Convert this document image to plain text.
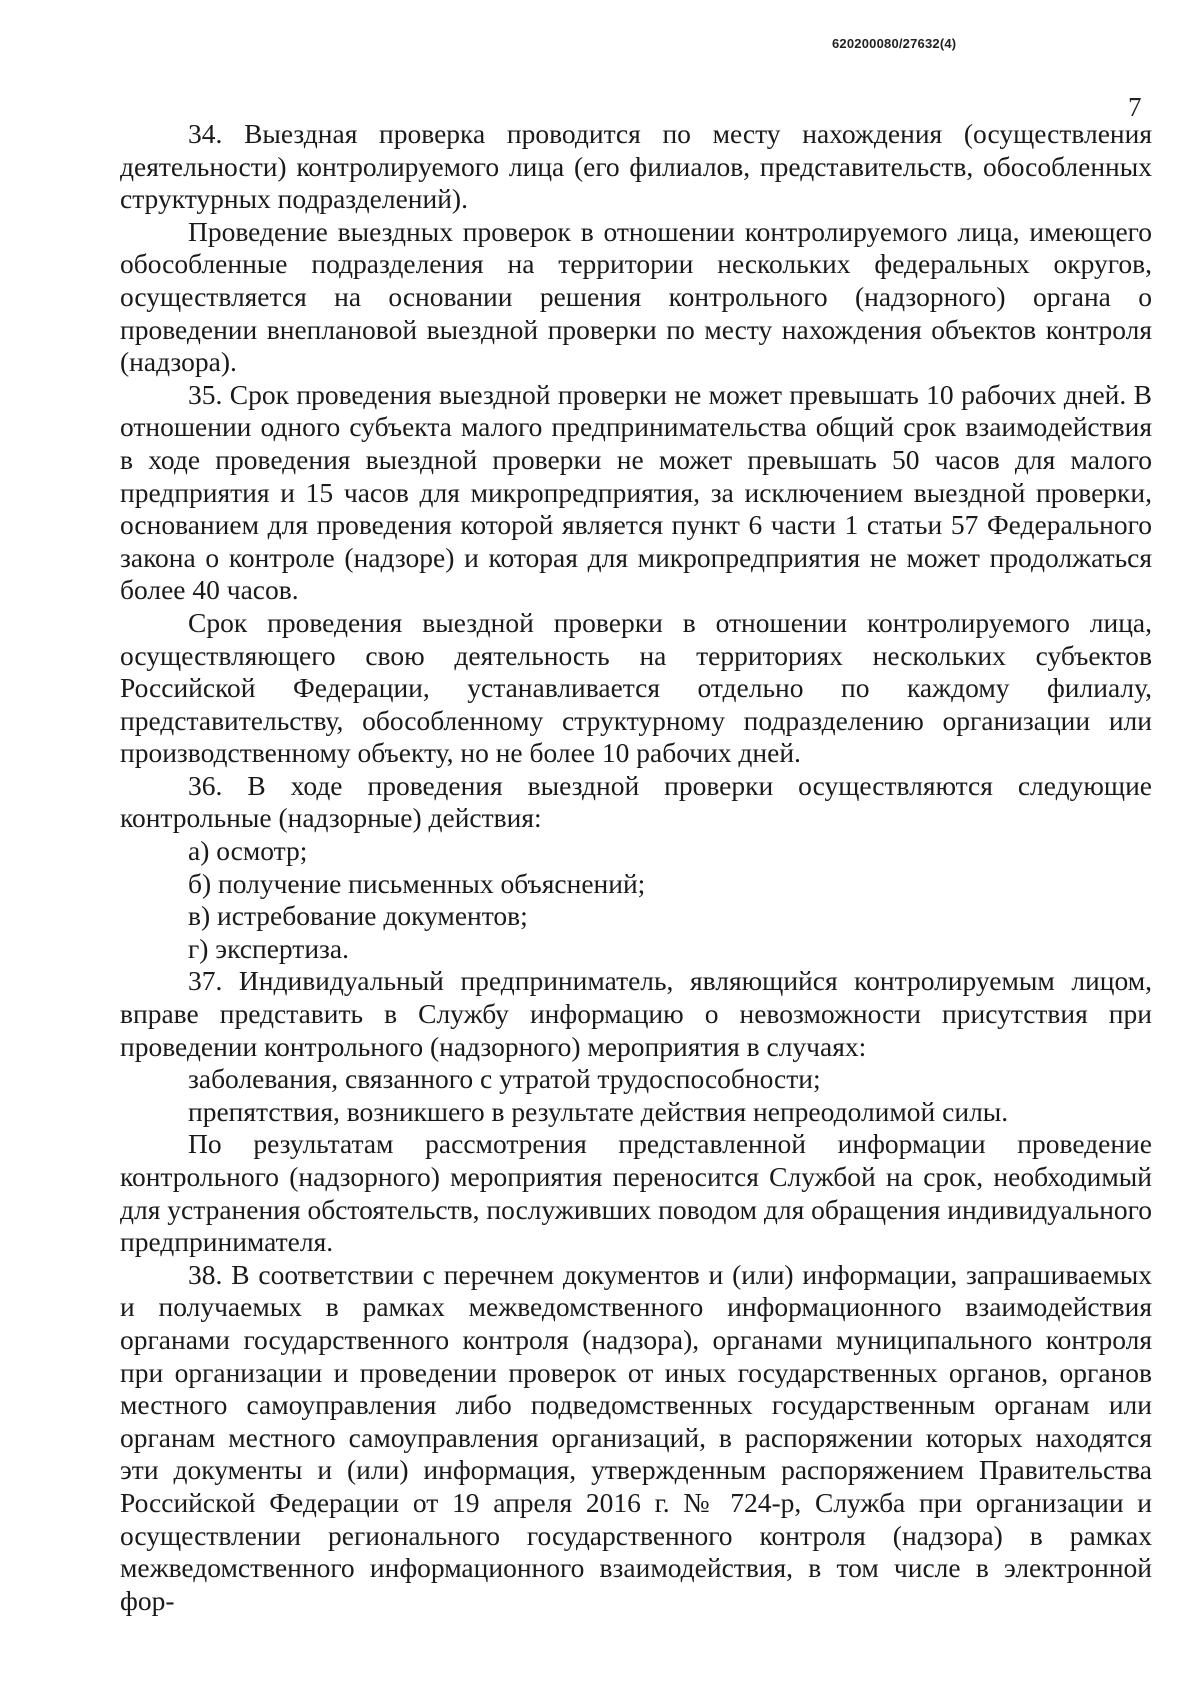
620200080/27632(4)
7

34. Выездная проверка проводится по месту нахождения (осуществления деятельности) контролируемого лица (его филиалов, представительств, обособленных структурных подразделений).

Проведение выездных проверок в отношении контролируемого лица, имеющего обособленные подразделения на территории нескольких федеральных округов, осуществляется на основании решения контрольного (надзорного) органа о проведении внеплановой выездной проверки по месту нахождения объектов контроля (надзора).

35. Срок проведения выездной проверки не может превышать 10 рабочих дней. В отношении одного субъекта малого предпринимательства общий срок взаимодействия в ходе проведения выездной проверки не может превышать 50 часов для малого предприятия и 15 часов для микропредприятия, за исключением выездной проверки, основанием для проведения которой является пункт 6 части 1 статьи 57 Федерального закона о контроле (надзоре) и которая для микропредприятия не может продолжаться более 40 часов.

Срок проведения выездной проверки в отношении контролируемого лица, осуществляющего свою деятельность на территориях нескольких субъектов Российской Федерации, устанавливается отдельно по каждому филиалу, представительству, обособленному структурному подразделению организации или производственному объекту, но не более 10 рабочих дней.

36. В ходе проведения выездной проверки осуществляются следующие контрольные (надзорные) действия:

а) осмотр;

б) получение письменных объяснений;

в) истребование документов;

г) экспертиза.

37. Индивидуальный предприниматель, являющийся контролируемым лицом, вправе представить в Службу информацию о невозможности присутствия при проведении контрольного (надзорного) мероприятия в случаях:

заболевания, связанного с утратой трудоспособности;

препятствия, возникшего в результате действия непреодолимой силы.

По результатам рассмотрения представленной информации проведение контрольного (надзорного) мероприятия переносится Службой на срок, необходимый для устранения обстоятельств, послуживших поводом для обращения индивидуального предпринимателя.

38. В соответствии с перечнем документов и (или) информации, запрашиваемых и получаемых в рамках межведомственного информационного взаимодействия органами государственного контроля (надзора), органами муниципального контроля при организации и проведении проверок от иных государственных органов, органов местного самоуправления либо подведомственных государственным органам или органам местного самоуправления организаций, в распоряжении которых находятся эти документы и (или) информация, утвержденным распоряжением Правительства Российской Федерации от 19 апреля 2016 г. № 724-р, Служба при организации и осуществлении регионального государственного контроля (надзора) в рамках межведомственного информационного взаимодействия, в том числе в электронной фор-
